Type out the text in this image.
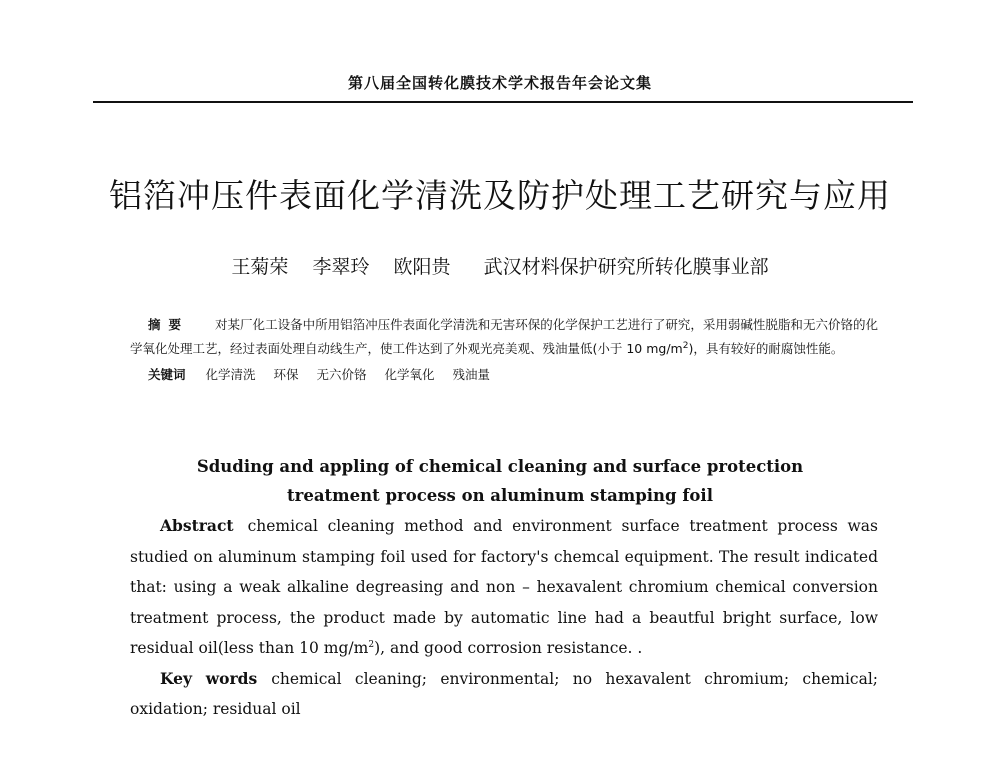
第八届全国转化膜技术学术报告年会论文集
铝箔冲压件表面化学清洗及防护处理工艺研究与应用
王菊荣 李翠玲 欧阳贵 武汉材料保护研究所转化膜事业部
摘要 对某厂化工设备中所用铝箔冲压件表面化学清洗和无害环保的化学保护工艺进行了研究，采用弱碱性脱脂和无六价铬的化学氧化处理工艺，经过表面处理自动线生产，使工件达到了外观光亮美观、残油量低(小于 10 $mg/m^2$)，具有较好的耐腐蚀性能。
关键词 化学清洗 环保 无六价铬 化学氧化 残油量
Sduding and appling of chemical cleaning and surface protection
treatment process on aluminum stamping foil

Abstract chemical cleaning method and environment surface treatment process was studied on aluminum stamping foil used for factory's chemcal equipment. The result indicated that: using a weak alkaline degreasing and non – hexavalent chromium chemical conversion treatment process, the product made by automatic line had a beautful bright surface, low residual oil(less than 10 $mg/m^2$), and good corrosion resistance. .

Key words chemical cleaning; environmental; no hexavalent chromium; chemical; oxidation; residual oil
